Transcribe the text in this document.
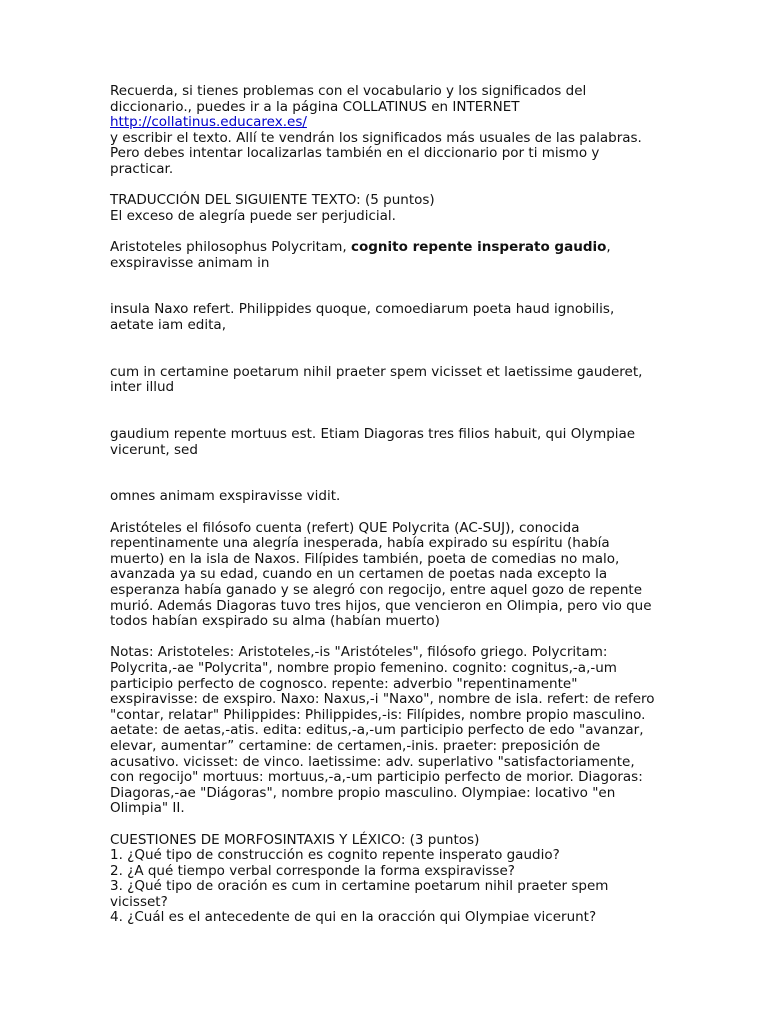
Recuerda, si tienes problemas con el vocabulario y los significados del diccionario., puedes ir a la página COLLATINUS en INTERNET

http://collatinus.educarex.es/

y escribir el texto. Allí te vendrán los significados más usuales de las palabras. Pero debes intentar localizarlas también en el diccionario por ti mismo y practicar.

TRADUCCIÓN DEL SIGUIENTE TEXTO: (5 puntos)

El exceso de alegría puede ser perjudicial.

Aristoteles philosophus Polycritam, cognito repente insperato gaudio, exspiravisse animam in

insula Naxo refert. Philippides quoque, comoediarum poeta haud ignobilis, aetate iam edita,

cum in certamine poetarum nihil praeter spem vicisset et laetissime gauderet, inter illud

gaudium repente mortuus est. Etiam Diagoras tres filios habuit, qui Olympiae vicerunt, sed

omnes animam exspiravisse vidit.

Aristóteles el filósofo cuenta (refert) QUE Polycrita (AC-SUJ), conocida repentinamente una alegría inesperada, había expirado su espíritu (había muerto) en la isla de Naxos. Filípides también, poeta de comedias no malo, avanzada ya su edad, cuando en un certamen de poetas nada excepto la esperanza había ganado y se alegró con regocijo, entre aquel gozo de repente murió. Además Diagoras tuvo tres hijos, que vencieron en Olimpia, pero vio que todos habían exspirado su alma (habían muerto)

Notas: Aristoteles: Aristoteles,-is "Aristóteles", filósofo griego. Polycritam: Polycrita,-ae "Polycrita", nombre propio femenino. cognito: cognitus,-a,-um participio perfecto de cognosco. repente: adverbio "repentinamente" exspiravisse: de exspiro. Naxo: Naxus,-i "Naxo", nombre de isla. refert: de refero "contar, relatar" Philippides: Philippides,-is: Filípides, nombre propio masculino. aetate: de aetas,-atis. edita: editus,-a,-um participio perfecto de edo "avanzar, elevar, aumentar” certamine: de certamen,-inis. praeter: preposición de acusativo. vicisset: de vinco. laetissime: adv. superlativo "satisfactoriamente, con regocijo" mortuus: mortuus,-a,-um participio perfecto de morior. Diagoras: Diagoras,-ae "Diágoras", nombre propio masculino. Olympiae: locativo "en Olimpia" II.

CUESTIONES DE MORFOSINTAXIS Y LÉXICO: (3 puntos)

1. ¿Qué tipo de construcción es cognito repente insperato gaudio?

2. ¿A qué tiempo verbal corresponde la forma exspiravisse?

3. ¿Qué tipo de oración es cum in certamine poetarum nihil praeter spem vicisset?

4. ¿Cuál es el antecedente de qui en la oracción qui Olympiae vicerunt?
